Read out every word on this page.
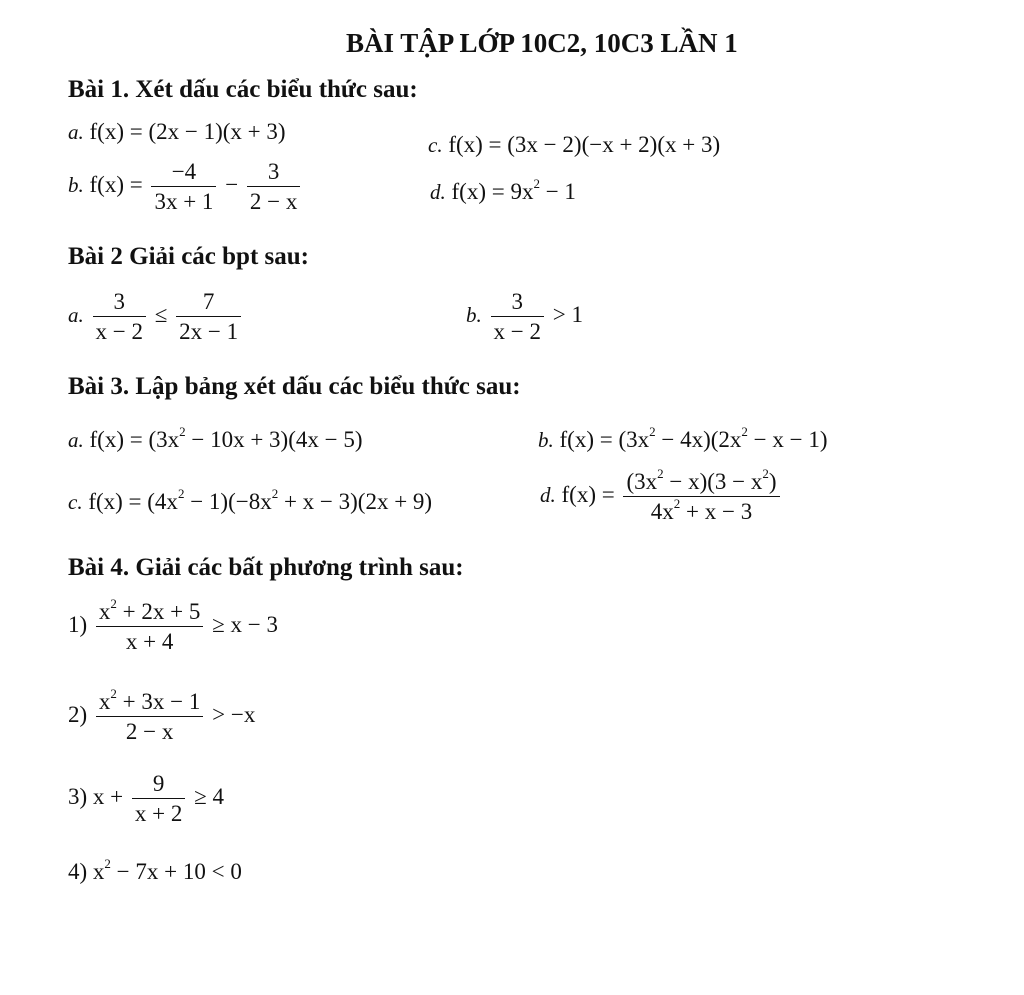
BÀI TẬP LỚP 10C2, 10C3 LẦN 1
Bài 1. Xét dấu các biểu thức sau:
a. f(x) = (2x − 1)(x + 3)
c. f(x) = (3x − 2)(−x + 2)(x + 3)
b. $f(x) = \frac{-4}{3x + 1} - \frac{3}{2 - x}$	d. $f(x) = 9x^2 - 1$
Bài 2 Giải các bpt sau:
a. $\frac{3}{x - 2} \le \frac{7}{2x - 1}$	b. $\frac{3}{x - 2} > 1$
Bài 3. Lập bảng xét dấu các biểu thức sau:
a. $f(x) = (3x^2 - 10x + 3)(4x - 5)$	b. $f(x) = (3x^2 - 4x)(2x^2 - x - 1)$
c. $f(x) = (4x^2 - 1)(-8x^2 + x - 3)(2x + 9)$	d. $f(x) = \frac{(3x^2 - x)(3 - x^2)}{4x^2 + x - 3}$
Bài 4. Giải các bất phương trình sau:
$1) \frac{x^2 + 2x + 5}{x + 4} \ge x - 3$
$2) \frac{x^2 + 3x - 1}{2 - x} > -x$
3) $x + \frac{9}{x + 2} \ge 4$
4) $x^2 - 7x + 10 < 0$
